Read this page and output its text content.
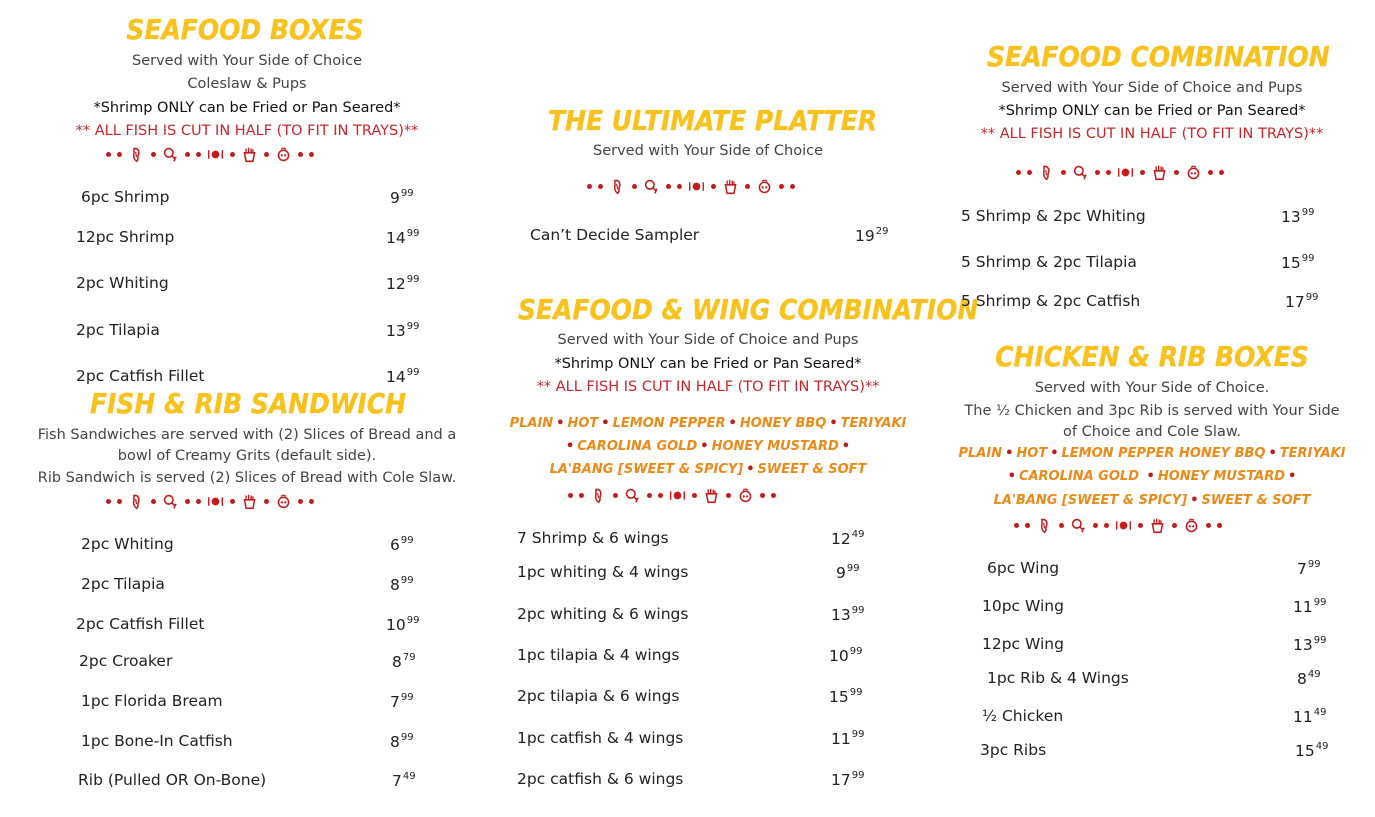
SEAFOOD BOXES
Served with Your Side of Choice
Coleslaw & Pups
*Shrimp ONLY can be Fried or Pan Seared*
** ALL FISH IS CUT IN HALF (TO FIT IN TRAYS)**
6pc Shrimp	$9^{99}$
12pc Shrimp	$14^{99}$
2pc Whiting	$12^{99}$
2pc Tilapia	$13^{99}$
2pc Catfish Fillet	$14^{99}$
FISH & RIB SANDWICH
Fish Sandwiches are served with (2) Slices of Bread and a
bowl of Creamy Grits (default side).
Rib Sandwich is served (2) Slices of Bread with Cole Slaw.
2pc Whiting	$6^{99}$
2pc Tilapia	$8^{99}$
2pc Catfish Fillet	$10^{99}$
2pc Croaker	$8^{79}$
1pc Florida Bream	$7^{99}$
1pc Bone-In Catfish	$8^{99}$
Rib (Pulled OR On-Bone)	$7^{49}$
THE ULTIMATE PLATTER
Served with Your Side of Choice
Can’t Decide Sampler	$19^{29}$
SEAFOOD & WING COMBINATION
Served with Your Side of Choice and Pups
*Shrimp ONLY can be Fried or Pan Seared*
** ALL FISH IS CUT IN HALF (TO FIT IN TRAYS)**
PLAIN • HOT • LEMON PEPPER • HONEY BBQ • TERIYAKI
• CAROLINA GOLD • HONEY MUSTARD •
LA'BANG [SWEET & SPICY] • SWEET & SOFT
7 Shrimp & 6 wings	$12^{49}$
1pc whiting & 4 wings	$9^{99}$
2pc whiting & 6 wings	$13^{99}$
1pc tilapia & 4 wings	$10^{99}$
2pc tilapia & 6 wings	$15^{99}$
1pc catfish & 4 wings	$11^{99}$
2pc catfish & 6 wings	$17^{99}$
SEAFOOD COMBINATION
Served with Your Side of Choice and Pups
*Shrimp ONLY can be Fried or Pan Seared*
** ALL FISH IS CUT IN HALF (TO FIT IN TRAYS)**
5 Shrimp & 2pc Whiting	$13^{99}$
5 Shrimp & 2pc Tilapia	$15^{99}$
5 Shrimp & 2pc Catfish	$17^{99}$
CHICKEN & RIB BOXES
Served with Your Side of Choice.
The ½ Chicken and 3pc Rib is served with Your Side
of Choice and Cole Slaw.
PLAIN • HOT • LEMON PEPPER HONEY BBQ • TERIYAKI
• CAROLINA GOLD • HONEY MUSTARD •
LA'BANG [SWEET & SPICY] • SWEET & SOFT
6pc Wing	$7^{99}$
10pc Wing	$11^{99}$
12pc Wing	$13^{99}$
1pc Rib & 4 Wings	$8^{49}$
½ Chicken	$11^{49}$
3pc Ribs	$15^{49}$
